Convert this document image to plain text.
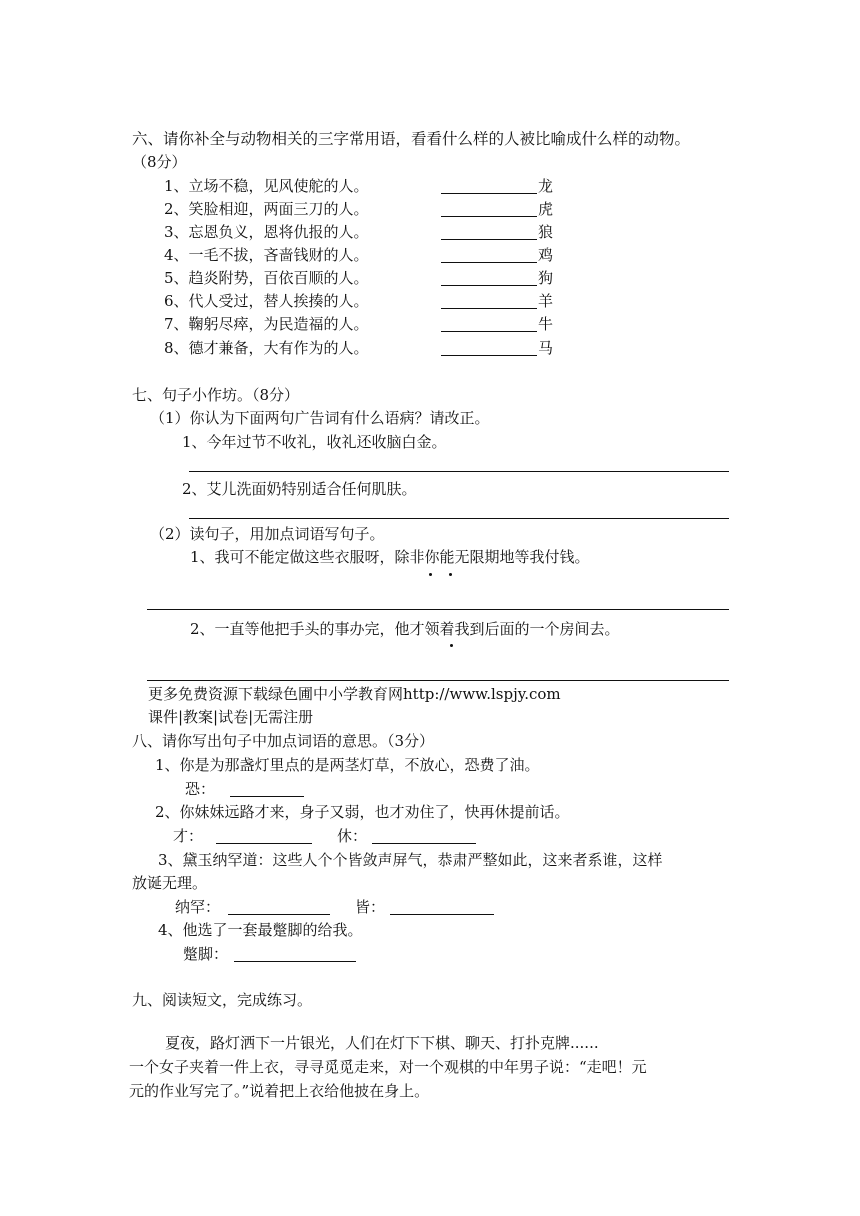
六、请你补全与动物相关的三字常用语，看看什么样的人被比喻成什么样的动物。
（8分）
1、立场不稳，见风使舵的人。	龙
2、笑脸相迎，两面三刀的人。	虎
3、忘恩负义，恩将仇报的人。	狼
4、一毛不拔，吝啬钱财的人。	鸡
5、趋炎附势，百依百顺的人。	狗
6、代人受过，替人挨揍的人。	羊
7、鞠躬尽瘁，为民造福的人。	牛
8、德才兼备，大有作为的人。	马
七、句子小作坊。（8分）
（1）你认为下面两句广告词有什么语病？请改正。
1、今年过节不收礼，收礼还收脑白金。
2、艾儿洗面奶特别适合任何肌肤。
（2）读句子，用加点词语写句子。
1、我可不能定做这些衣服呀，除非你能无限期地等我付钱。
2、一直等他把手头的事办完，他才领着我到后面的一个房间去。
更多免费资源下载绿色圃中小学教育网http://www.lspjy.com
课件|教案|试卷|无需注册
八、请你写出句子中加点词语的意思。（3分）
1、你是为那盏灯里点的是两茎灯草，不放心，恐费了油。
恐：
2、你妹妹远路才来，身子又弱，也才劝住了，快再休提前话。
才：	休：
3、黛玉纳罕道：这些人个个皆敛声屏气，恭肃严整如此，这来者系谁，这样
放诞无理。
纳罕：	皆：
4、他选了一套最蹩脚的给我。
蹩脚：
九、阅读短文，完成练习。
夏夜，路灯洒下一片银光，人们在灯下下棋、聊天、打扑克牌......
一个女子夹着一件上衣，寻寻觅觅走来，对一个观棋的中年男子说：“走吧！元
元的作业写完了。”说着把上衣给他披在身上。
